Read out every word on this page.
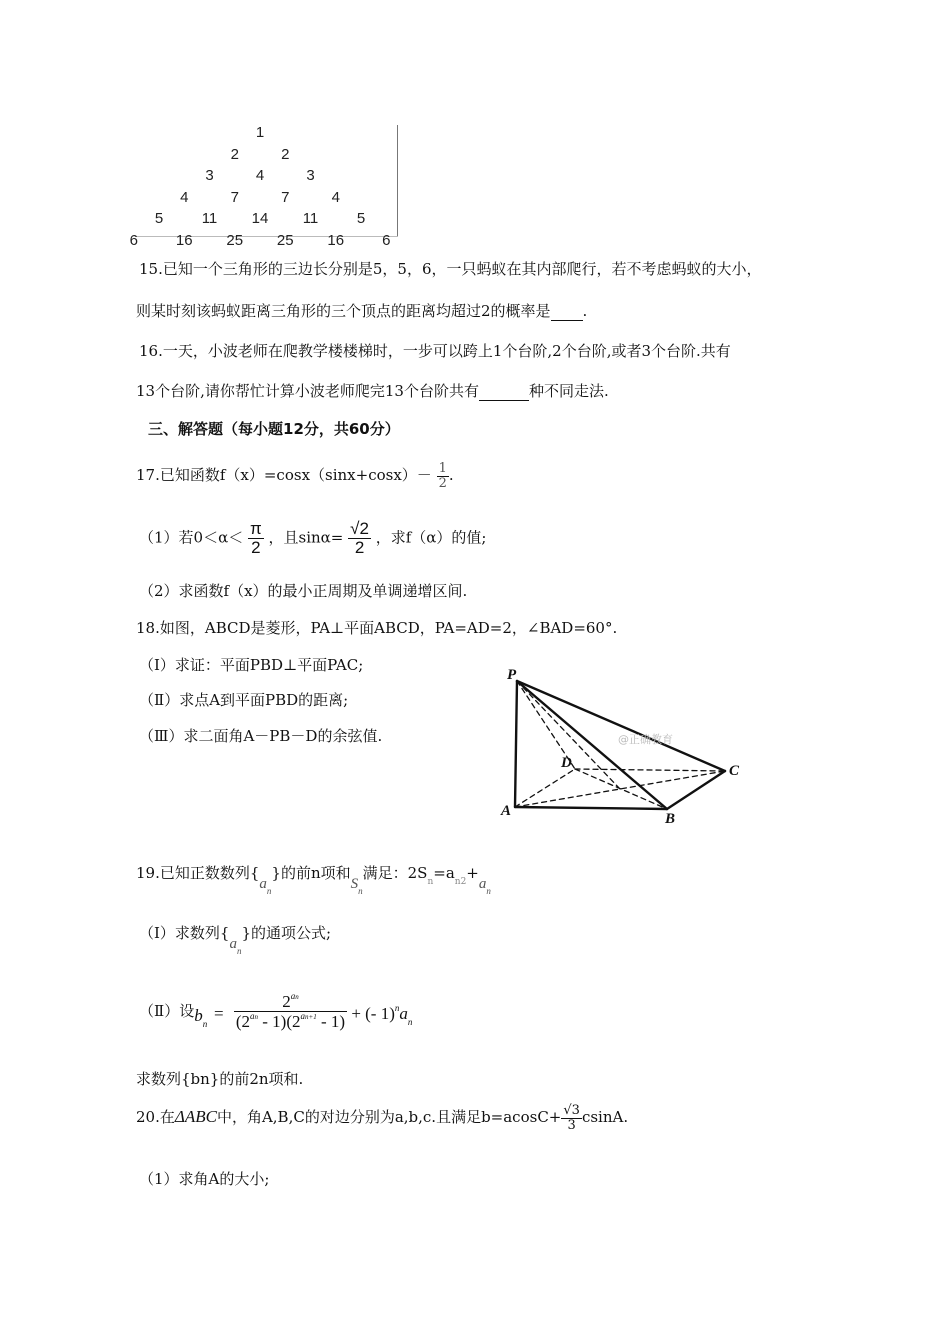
1
2	2
3	4	3
4	7	7	4
5	11 14 11	5
6	16 25 25 16	6
15.已知一个三角形的三边长分别是5，5，6，一只蚂蚁在其内部爬行，若不考虑蚂蚁的大小，
则某时刻该蚂蚁距离三角形的三个顶点的距离均超过2的概率是 .
16.一天，小波老师在爬教学楼楼梯时，一步可以跨上1个台阶,2个台阶,或者3个台阶.共有
13个台阶,请你帮忙计算小波老师爬完13个台阶共有	种不同走法.
三、解答题（每小题12分，共60分）
17.已知函数$f(x)=\cos x(\sin x+\cos x)- \frac{1}{2}$ .
（1）若$0<\alpha< \frac{\pi}{2}$ ，且$\sin\alpha= \frac{√2}{2}$ ，求f（α）的值;
（2）求函数f（x）的最小正周期及单调递增区间.
18.如图，ABCD是菱形，PA⊥平面ABCD，PA=AD=2，∠BAD=60°.
（Ⅰ）求证：平面PBD⊥平面PAC;
（Ⅱ）求点A到平面PBD的距离;
（Ⅲ）求二面角A－PB－D的余弦值.
P
A	B
C
D
@正确教育
19.已知正数数列$\{a_n\}$的前n项和$S_n$满足：$2S_n=a_{n2}+a_n$
（Ⅰ）求数列$\{a_n\}$的通项公式;
（Ⅱ）设$b_n$
= $\frac{2^{an}}{(2^{an} - 1)(2^{an+1} - 1)}$ + (- $1)^na_n$
求数列{bn}的前2n项和.
20.在ΔABC中，角A,B,C的对边分别为a,b,c.且满足$b=acosC+ \frac{√3}{3} csinA$.
（1）求角A的大小;
